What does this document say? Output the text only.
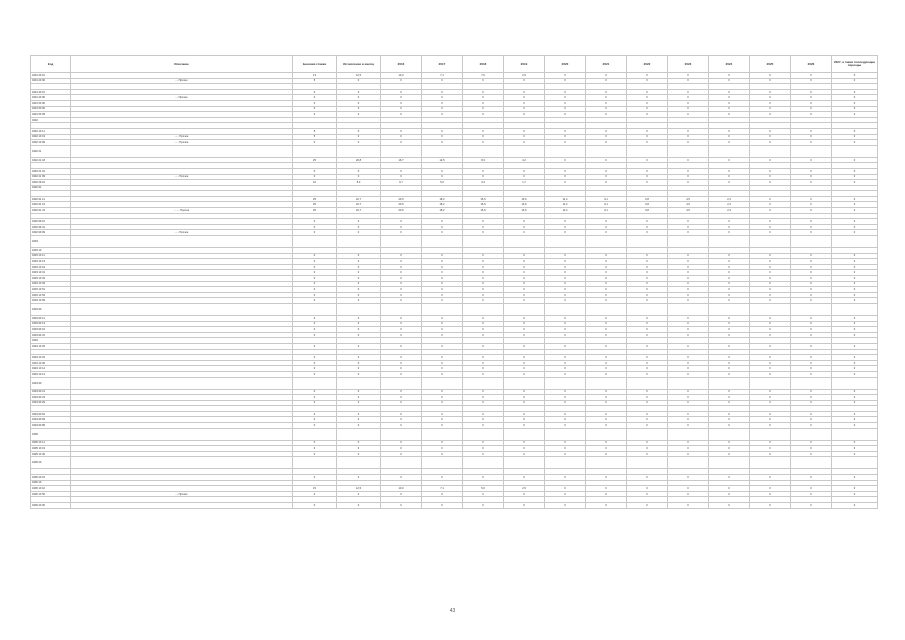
Код	Описание	Базовая ставка	Исчисление в месяц	2016	2017	2018	2019	2020	2021	2022	2023	2024	2025	2026	2027, а также последующие периоды
0401 20 10		13	12,5	10,0	7,1	7,0	2,9	0	0	0	0	0	0	0	0
0401 20 90	- - Прочие	5	0	0	0	0	0	0	0	0	0	0	0	0	0

0401 40 10		0	0	0	0	0	0	0	0	0	0	0	0	0	0
0401 40 90	- - Прочие	0	0	0	0	0	0	0	0	0	0	0	0	0	0
0401 50 00		0	0	0	0	0	0	0	0	0	0	0	0	0	0
0401 50 90		0	0	0	0	0	0	0	0	0	0	0	0	0	0
0401 50 99		0	0	0	0	0	0	0	0	0	0	0	0	0	0
0402															

0402 10 11		5	0	0	0	0	0	0	0	0	0	0	0	0	0
0402 10 19	- - - Прочие	5	0	0	0	0	0	0	0	0	0	0	0	0	0
0402 10 99	- - - Прочие	0	0	0	0	0	0	0	0	0	0	0	0	0	0
0402 21															
0402 21 18		25	20,8	16,7	12,5	8,3	4,2	0	0	0	0	0	0	0	0

0402 21 91		0	0	0	0	0	0	0	0	0	0	0	0	0	0
0402 21 99	- - - Прочие	0	0	0	0	0	0	0	0	0	0	0	0	0	0
0402 29 10		10	8,3	6,7	5,0	3,3	1,7	0	0	0	0	0	0	0	0
0402 91															

0402 91 11		25	22,7	20,5	18,2	15,9	13,6	11,4	9,1	6,8	4,5	2,3	0	0	0
0402 91 19		25	22,7	20,5	18,2	15,9	13,6	11,4	9,1	6,8	4,5	2,3	0	0	0
0402 91 31	- - - - Прочие	25	22,7	20,5	18,2	15,9	13,6	11,4	9,1	6,8	4,5	2,3	0	0	0

0402 99 10		0	0	0	0	0	0	0	0	0	0	0	0	0	0
0402 99 31		0	0	0	0	0	0	0	0	0	0	0	0	0	0
0402 99 99	- - - Прочие	0	0	0	0	0	0	0	0	0	0	0	0	0	0
0403															
0403 10															
0403 10 11		0	0	0	0	0	0	0	0	0	0	0	0	0	0
0403 10 13		0	0	0	0	0	0	0	0	0	0	0	0	0	0
0403 10 19		0	0	0	0	0	0	0	0	0	0	0	0	0	0
0403 10 31		0	0	0	0	0	0	0	0	0	0	0	0	0	0
0403 10 33		0	0	0	0	0	0	0	0	0	0	0	0	0	0
0403 10 39		0	0	0	0	0	0	0	0	0	0	0	0	0	0
0403 10 51		0	0	0	0	0	0	0	0	0	0	0	0	0	0
0403 10 53		0	0	0	0	0	0	0	0	0	0	0	0	0	0
0403 10 59		0	0	0	0	0	0	0	0	0	0	0	0	0	0
0403 90															
0403 90 11		0	0	0	0	0	0	0	0	0	0	0	0	0	0
0403 90 13		0	0	0	0	0	0	0	0	0	0	0	0	0	0
0403 90 19		0	0	0	0	0	0	0	0	0	0	0	0	0	0
0403 90 31		0	0	0	0	0	0	0	0	0	0	0	0	0	0
0404															
0404 10 02		0	0	0	0	0	0	0	0	0	0	0	0	0	0

0404 10 04		0	0	0	0	0	0	0	0	0	0	0	0	0	0
0404 10 06		0	0	0	0	0	0	0	0	0	0	0	0	0	0
0404 10 12		0	0	0	0	0	0	0	0	0	0	0	0	0	0
0404 10 14		0	0	0	0	0	0	0	0	0	0	0	0	0	0
0404 90															
0404 90 21		0	0	0	0	0	0	0	0	0	0	0	0	0	0
0404 90 23		0	0	0	0	0	0	0	0	0	0	0	0	0	0
0404 90 29		0	0	0	0	0	0	0	0	0	0	0	0	0	0

0404 90 81		0	0	0	0	0	0	0	0	0	0	0	0	0	0
0404 90 83		0	0	0	0	0	0	0	0	0	0	0	0	0	0
0404 90 89		0	0	0	0	0	0	0	0	0	0	0	0	0	0
0405															
0405 10 11		0	0	0	0	0	0	0	0	0	0	0	0	0	0
0405 10 19		0	0	0	0	0	0	0	0	0	0	0	0	0	0
0405 10 30		0	0	0	0	0	0	0	0	0	0	0	0	0	0
0405 20															

0405 20 10		0	0	0	0	0	0	0	0	0	0	0	0	0	0
0406 10															
0406 10 10		15	12,5	10,0	7,1	5,0	2,5	0	0	0	0	0	0	0	0
0406 10 50	- - Прочие	0	0	0	0	0	0	0	0	0	0	0	0	0	0

0406 20 00		0	0	0	0	0	0	0	0	0	0	0	0	0	0
43
